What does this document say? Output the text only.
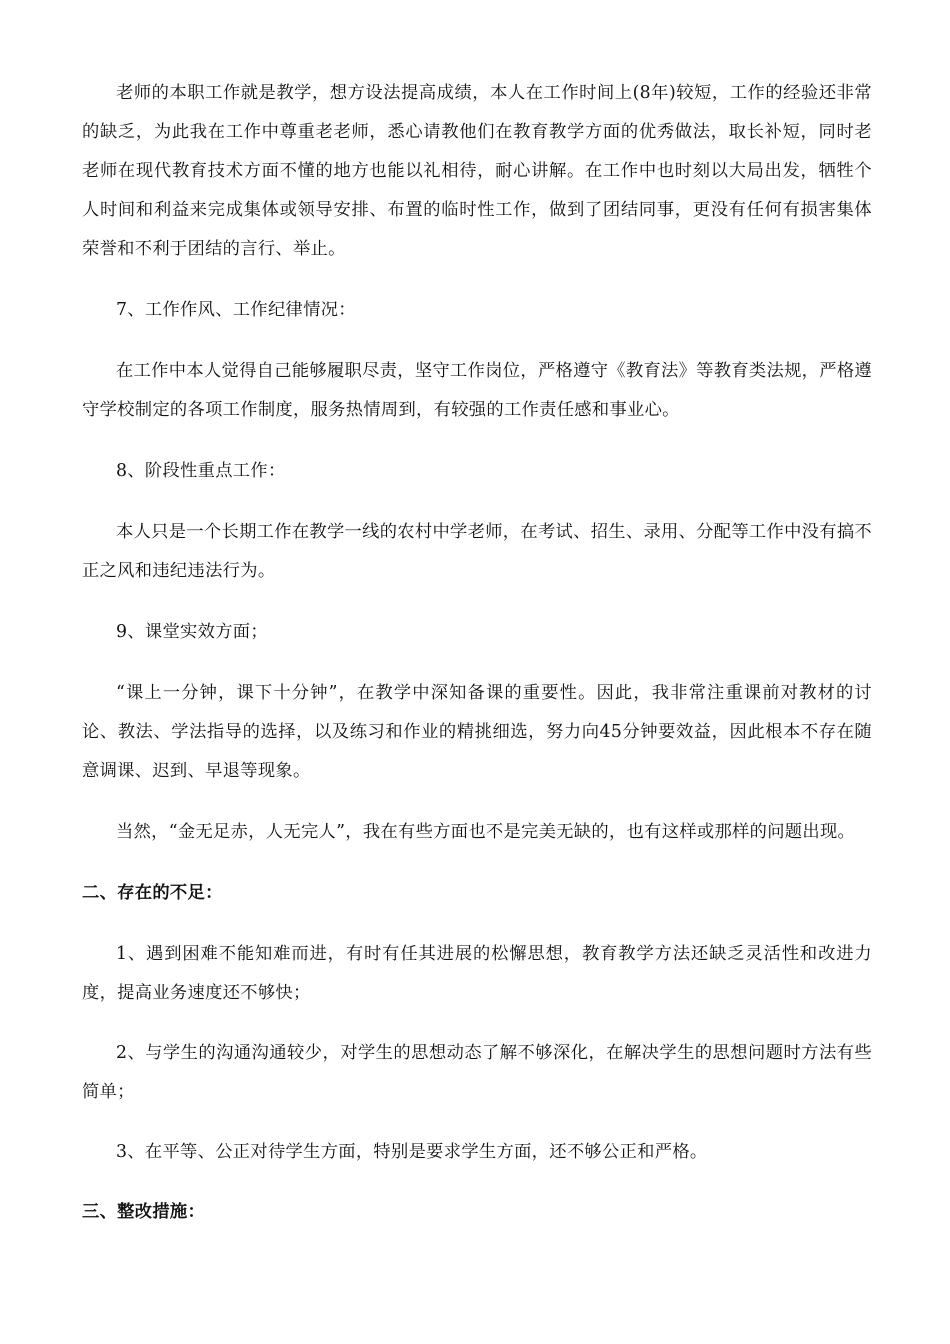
老师的本职工作就是教学，想方设法提高成绩，本人在工作时间上(8年)较短，工作的经验还非常的缺乏，为此我在工作中尊重老老师，悉心请教他们在教育教学方面的优秀做法，取长补短，同时老老师在现代教育技术方面不懂的地方也能以礼相待，耐心讲解。在工作中也时刻以大局出发，牺牲个人时间和利益来完成集体或领导安排、布置的临时性工作，做到了团结同事，更没有任何有损害集体荣誉和不利于团结的言行、举止。

7、工作作风、工作纪律情况：

在工作中本人觉得自己能够履职尽责，坚守工作岗位，严格遵守《教育法》等教育类法规，严格遵守学校制定的各项工作制度，服务热情周到，有较强的工作责任感和事业心。

8、阶段性重点工作：

本人只是一个长期工作在教学一线的农村中学老师，在考试、招生、录用、分配等工作中没有搞不正之风和违纪违法行为。

9、课堂实效方面；

“课上一分钟，课下十分钟”，在教学中深知备课的重要性。因此，我非常注重课前对教材的讨论、教法、学法指导的选择，以及练习和作业的精挑细选，努力向45分钟要效益，因此根本不存在随意调课、迟到、早退等现象。

当然，“金无足赤，人无完人”，我在有些方面也不是完美无缺的，也有这样或那样的问题出现。

二、存在的不足：

1、遇到困难不能知难而进，有时有任其进展的松懈思想，教育教学方法还缺乏灵活性和改进力度，提高业务速度还不够快；

2、与学生的沟通沟通较少，对学生的思想动态了解不够深化，在解决学生的思想问题时方法有些简单；

3、在平等、公正对待学生方面，特别是要求学生方面，还不够公正和严格。

三、整改措施：
